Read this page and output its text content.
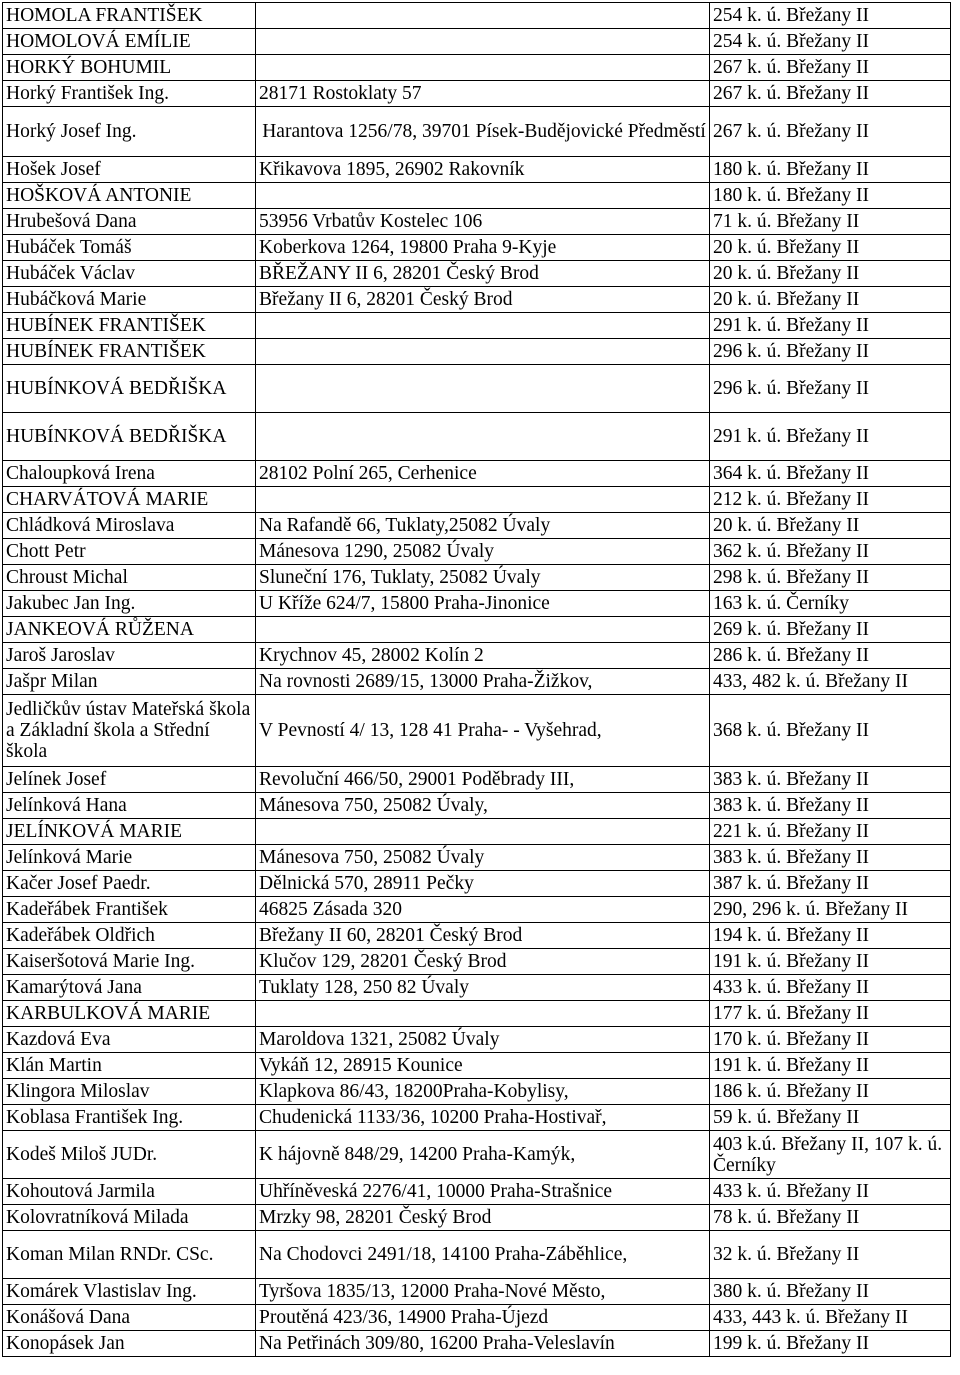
HOMOLA FRANTIŠEK		254 k. ú. Břežany II
HOMOLOVÁ EMÍLIE		254 k. ú. Břežany II
HORKÝ BOHUMIL		267 k. ú. Břežany II
Horký František Ing.	28171 Rostoklaty 57	267 k. ú. Břežany II
Horký Josef Ing.	Harantova 1256/78, 39701 Písek-Budějovické Předměstí	267 k. ú. Břežany II
Hošek Josef	Křikavova 1895, 26902 Rakovník	180 k. ú. Břežany II
HOŠKOVÁ ANTONIE		180 k. ú. Břežany II
Hrubešová Dana	53956 Vrbatův Kostelec 106	71 k. ú. Břežany II
Hubáček Tomáš	Koberkova 1264, 19800 Praha 9-Kyje	20 k. ú. Břežany II
Hubáček Václav	BŘEŽANY II 6, 28201 Český Brod	20 k. ú. Břežany II
Hubáčková Marie	Břežany II 6, 28201 Český Brod	20 k. ú. Břežany II
HUBÍNEK FRANTIŠEK		291 k. ú. Břežany II
HUBÍNEK FRANTIŠEK		296 k. ú. Břežany II
HUBÍNKOVÁ BEDŘIŠKA		296 k. ú. Břežany II
HUBÍNKOVÁ BEDŘIŠKA		291 k. ú. Břežany II
Chaloupková Irena	28102 Polní 265, Cerhenice	364 k. ú. Břežany II
CHARVÁTOVÁ MARIE		212 k. ú. Břežany II
Chládková Miroslava	Na Rafandě 66, Tuklaty,25082 Úvaly	20 k. ú. Břežany II
Chott Petr	Mánesova 1290, 25082 Úvaly	362 k. ú. Břežany II
Chroust Michal	Sluneční 176, Tuklaty, 25082 Úvaly	298 k. ú. Břežany II
Jakubec Jan Ing.	U Kříže 624/7, 15800 Praha-Jinonice	163 k. ú. Černíky
JANKEOVÁ RŮŽENA		269 k. ú. Břežany II
Jaroš Jaroslav	Krychnov 45, 28002 Kolín 2	286 k. ú. Břežany II
Jašpr Milan	Na rovnosti 2689/15, 13000 Praha-Žižkov,	433, 482 k. ú. Břežany II
Jedličkův ústav Mateřská škola a Základní škola a Střední škola	V Pevností 4/ 13, 128 41 Praha- - Vyšehrad,	368 k. ú. Břežany II
Jelínek Josef	Revoluční 466/50, 29001 Poděbrady III,	383 k. ú. Břežany II
Jelínková Hana	Mánesova 750, 25082 Úvaly,	383 k. ú. Břežany II
JELÍNKOVÁ MARIE		221 k. ú. Břežany II
Jelínková Marie	Mánesova 750, 25082 Úvaly	383 k. ú. Břežany II
Kačer Josef Paedr.	Dělnická 570, 28911 Pečky	387 k. ú. Břežany II
Kadeřábek František	46825 Zásada 320	290, 296 k. ú. Břežany II
Kadeřábek Oldřich	Břežany II 60, 28201 Český Brod	194 k. ú. Břežany II
Kaiseršotová Marie Ing.	Klučov 129, 28201 Český Brod	191 k. ú. Břežany II
Kamarýtová Jana	Tuklaty 128, 250 82 Úvaly	433 k. ú. Břežany II
KARBULKOVÁ MARIE		177 k. ú. Břežany II
Kazdová Eva	Maroldova 1321, 25082 Úvaly	170 k. ú. Břežany II
Klán Martin	Vykáň 12, 28915 Kounice	191 k. ú. Břežany II
Klingora Miloslav	Klapkova 86/43, 18200Praha-Kobylisy,	186 k. ú. Břežany II
Koblasa František Ing.	Chudenická 1133/36, 10200 Praha-Hostivař,	59 k. ú. Břežany II
Kodeš Miloš JUDr.	K hájovně 848/29, 14200 Praha-Kamýk,	403 k.ú. Břežany II, 107 k. ú. Černíky
Kohoutová Jarmila	Uhříněveská 2276/41, 10000 Praha-Strašnice	433 k. ú. Břežany II
Kolovratníková Milada	Mrzky 98, 28201 Český Brod	78 k. ú. Břežany II
Koman Milan RNDr. CSc.	Na Chodovci 2491/18, 14100 Praha-Záběhlice,	32 k. ú. Břežany II
Komárek Vlastislav Ing.	Tyršova 1835/13, 12000 Praha-Nové Město,	380 k. ú. Břežany II
Konášová Dana	Proutěná 423/36, 14900 Praha-Újezd	433, 443 k. ú. Břežany II
Konopásek Jan	Na Petřinách 309/80, 16200 Praha-Veleslavín	199 k. ú. Břežany II
